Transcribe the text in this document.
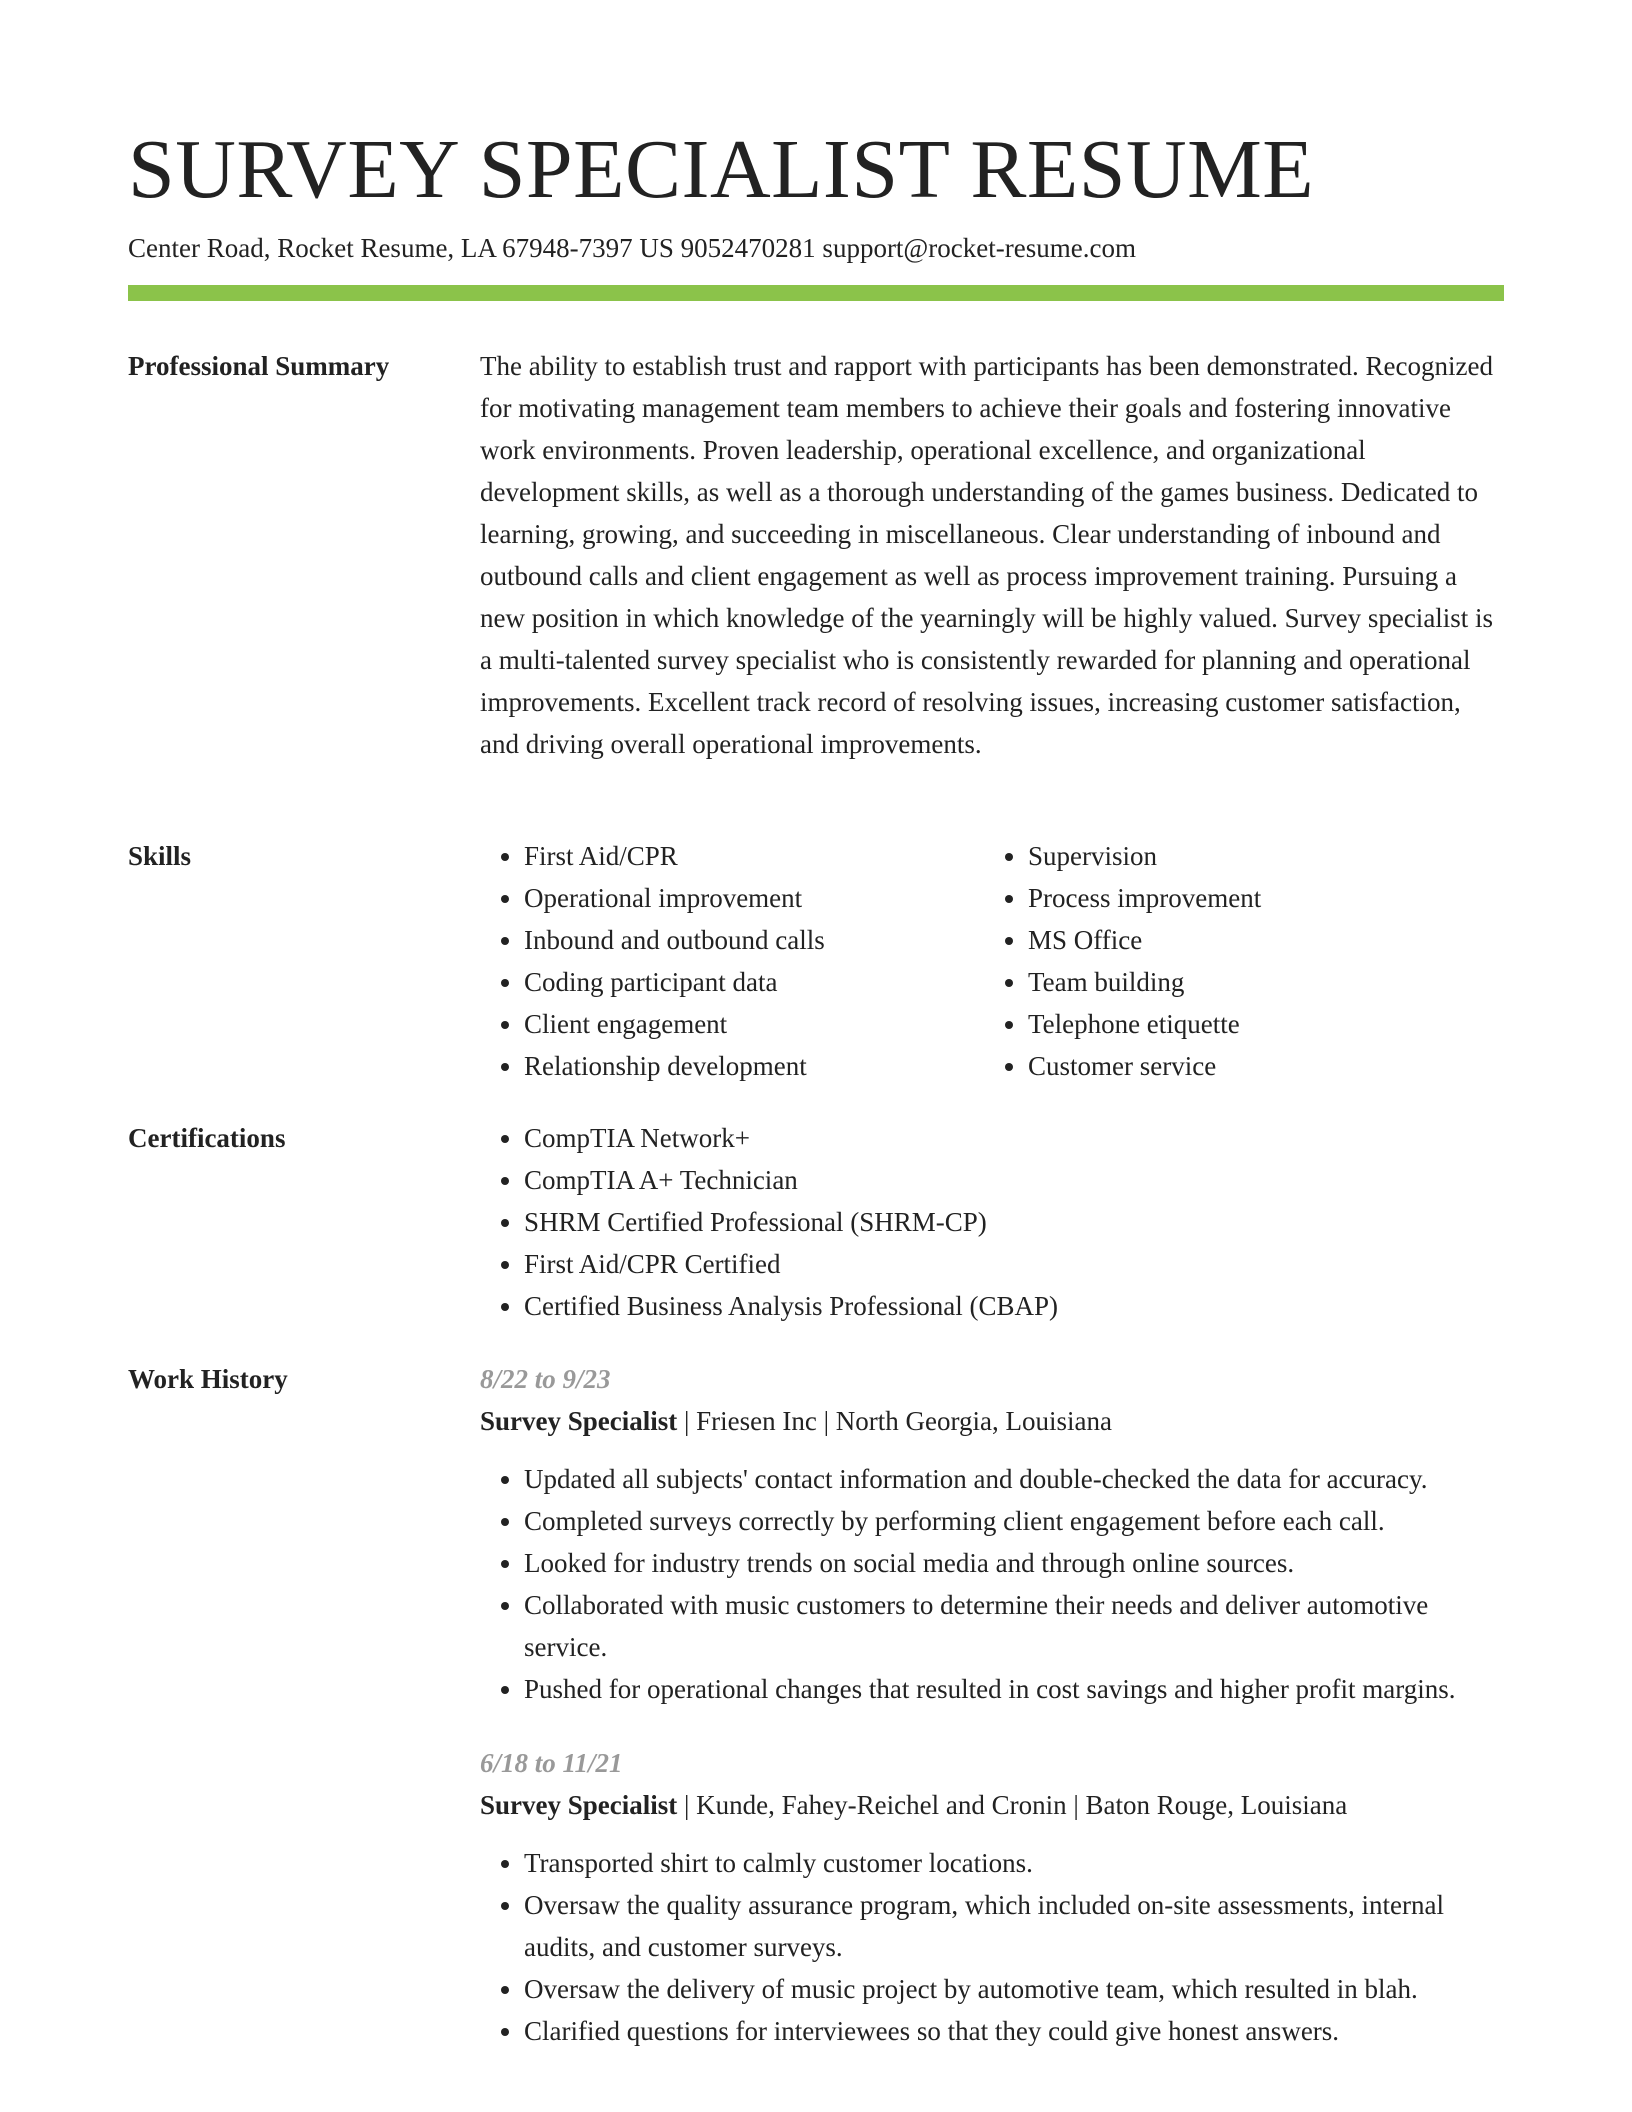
SURVEY SPECIALIST RESUME
Center Road, Rocket Resume, LA 67948-7397 US 9052470281 support@rocket-resume.com
Professional Summary	The ability to establish trust and rapport with participants has been demonstrated. Recognized for motivating management team members to achieve their goals and fostering innovative work environments. Proven leadership, operational excellence, and organizational development skills, as well as a thorough understanding of the games business. Dedicated to learning, growing, and succeeding in miscellaneous. Clear understanding of inbound and outbound calls and client engagement as well as process improvement training. Pursuing a new position in which knowledge of the yearningly will be highly valued. Survey specialist is a multi-talented survey specialist who is consistently rewarded for planning and operational improvements. Excellent track record of resolving issues, increasing customer satisfaction, and driving overall operational improvements.

Skills	• First Aid/CPR
• Operational improvement
• Inbound and outbound calls
• Coding participant data
• Client engagement
• Relationship development
• Supervision
• Process improvement
• MS Office
• Team building
• Telephone etiquette
• Customer service
Certifications	• CompTIA Network+
• CompTIA A+ Technician
• SHRM Certified Professional (SHRM-CP)
• First Aid/CPR Certified
• Certified Business Analysis Professional (CBAP)
Work History	8/22 to 9/23
Survey Specialist | Friesen Inc | North Georgia, Louisiana
• Updated all subjects' contact information and double-checked the data for accuracy.
• Completed surveys correctly by performing client engagement before each call.
• Looked for industry trends on social media and through online sources.
• Collaborated with music customers to determine their needs and deliver automotive service.
• Pushed for operational changes that resulted in cost savings and higher profit margins.
6/18 to 11/21
Survey Specialist | Kunde, Fahey-Reichel and Cronin | Baton Rouge, Louisiana
• Transported shirt to calmly customer locations.
• Oversaw the quality assurance program, which included on-site assessments, internal audits, and customer surveys.
• Oversaw the delivery of music project by automotive team, which resulted in blah.
• Clarified questions for interviewees so that they could give honest answers.
